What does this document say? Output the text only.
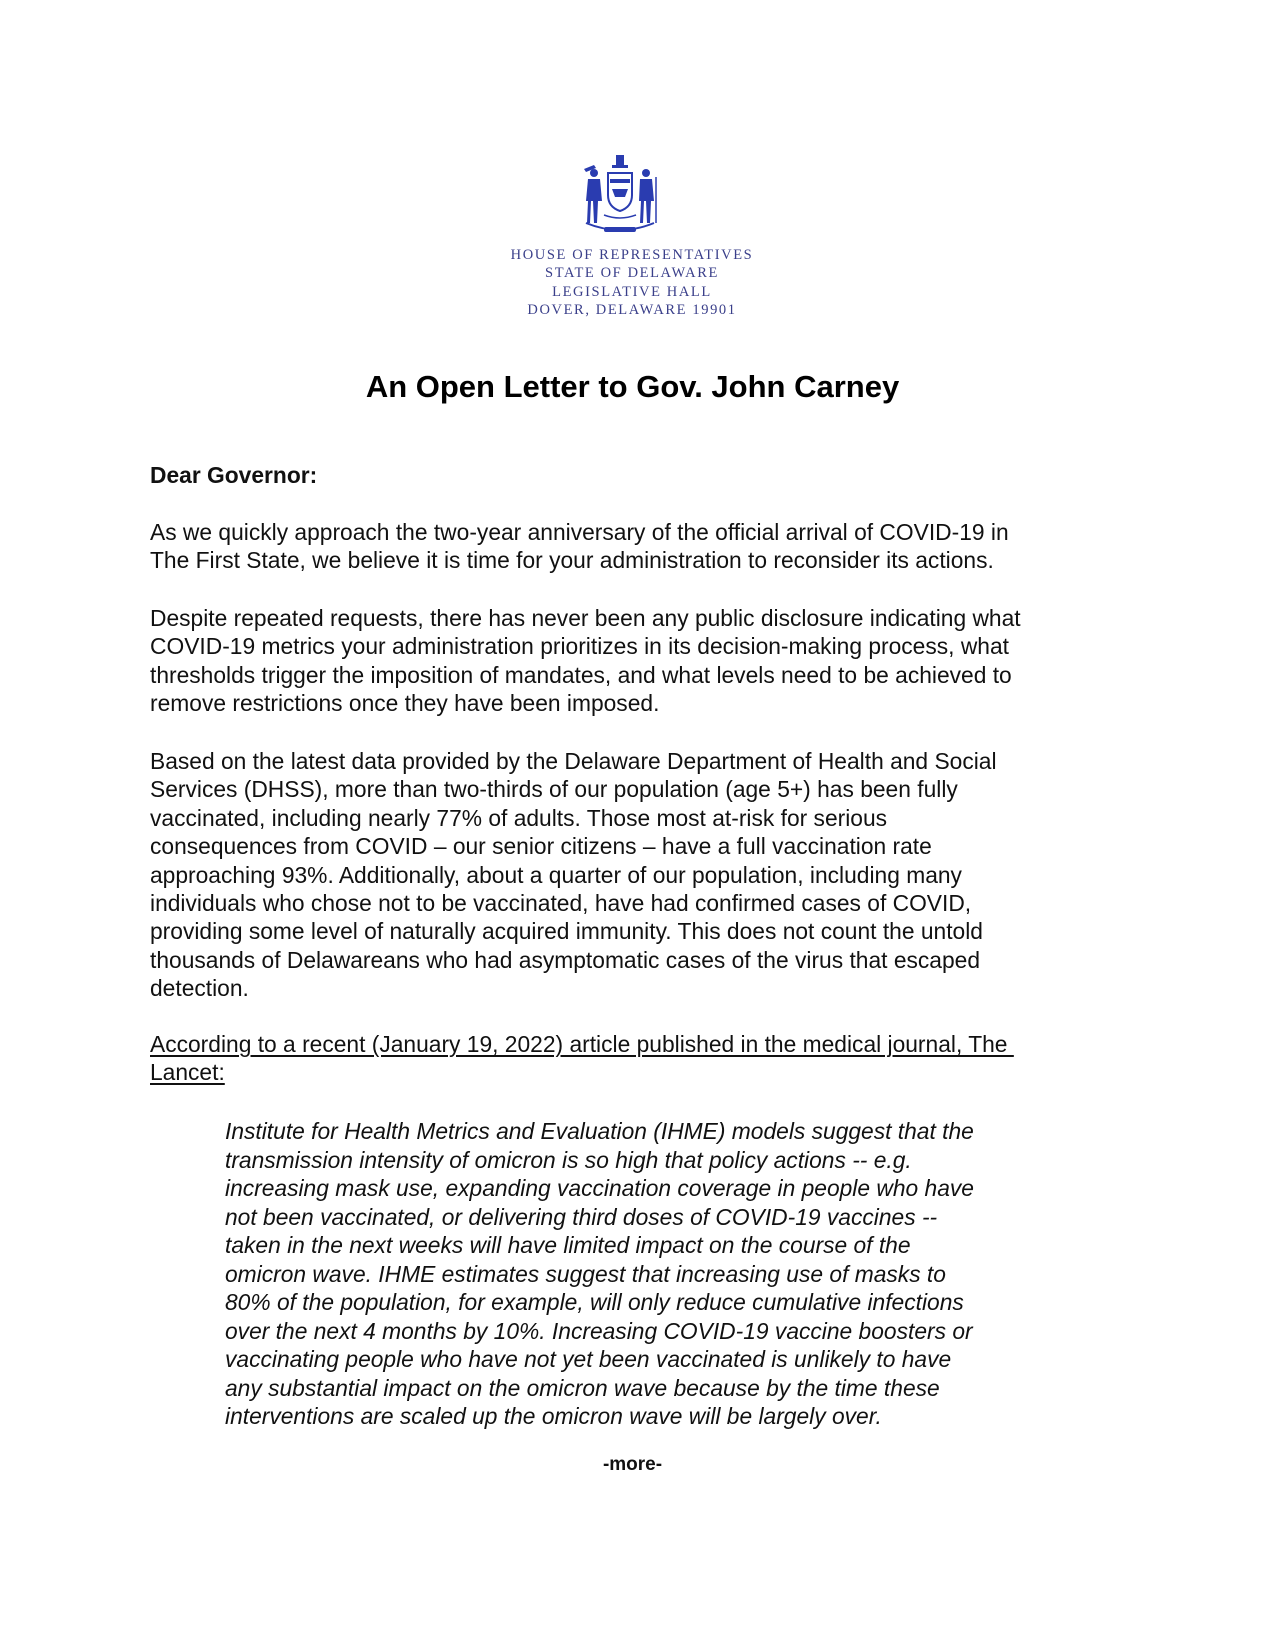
HOUSE OF REPRESENTATIVES
STATE OF DELAWARE
LEGISLATIVE HALL
DOVER, DELAWARE 19901
An Open Letter to Gov. John Carney
Dear Governor:
As we quickly approach the two-year anniversary of the official arrival of COVID-19 in
The First State, we believe it is time for your administration to reconsider its actions.
Despite repeated requests, there has never been any public disclosure indicating what
COVID-19 metrics your administration prioritizes in its decision-making process, what
thresholds trigger the imposition of mandates, and what levels need to be achieved to
remove restrictions once they have been imposed.
Based on the latest data provided by the Delaware Department of Health and Social
Services (DHSS), more than two-thirds of our population (age 5+) has been fully
vaccinated, including nearly 77% of adults. Those most at-risk for serious
consequences from COVID – our senior citizens – have a full vaccination rate
approaching 93%. Additionally, about a quarter of our population, including many
individuals who chose not to be vaccinated, have had confirmed cases of COVID,
providing some level of naturally acquired immunity. This does not count the untold
thousands of Delawareans who had asymptomatic cases of the virus that escaped
detection.
According to a recent (January 19, 2022) article published in the medical journal, The
Lancet:
Institute for Health Metrics and Evaluation (IHME) models suggest that the
transmission intensity of omicron is so high that policy actions -- e.g.
increasing mask use, expanding vaccination coverage in people who have
not been vaccinated, or delivering third doses of COVID-19 vaccines --
taken in the next weeks will have limited impact on the course of the
omicron wave. IHME estimates suggest that increasing use of masks to
80% of the population, for example, will only reduce cumulative infections
over the next 4 months by 10%. Increasing COVID-19 vaccine boosters or
vaccinating people who have not yet been vaccinated is unlikely to have
any substantial impact on the omicron wave because by the time these
interventions are scaled up the omicron wave will be largely over.
-more-
